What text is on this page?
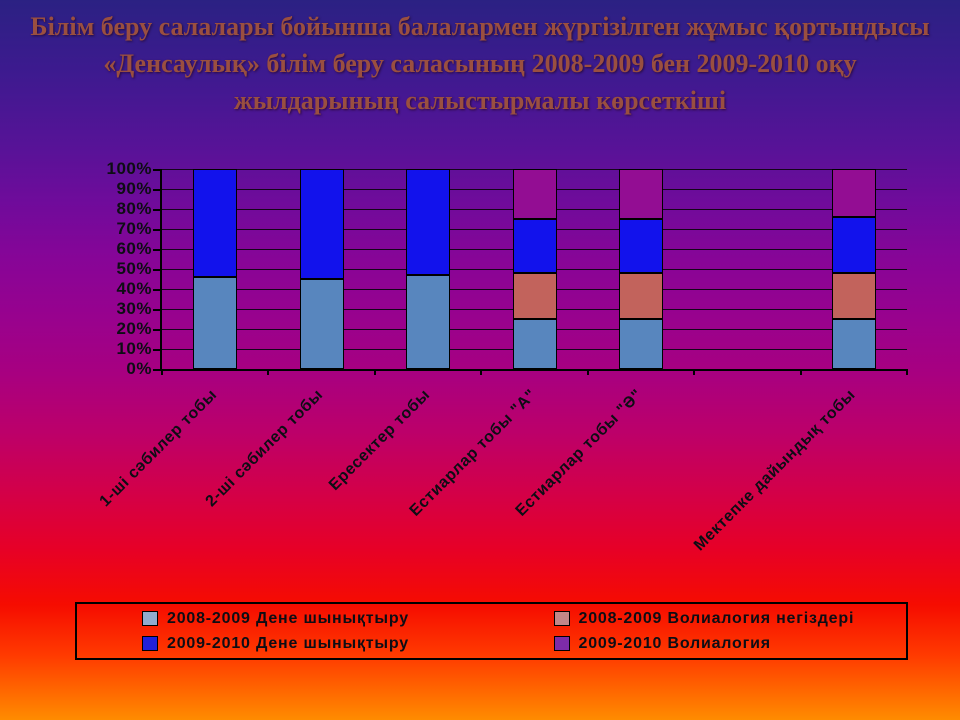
Білім беру салалары бойынша балалармен жүргізілген жұмыс қортындысы
«Денсаулық» білім беру саласының 2008-2009 бен 2009-2010 оқу
жылдарының салыстырмалы көрсеткіші
0%
10%
20%
30%
40%
50%
60%
70%
80%
90%
100%
1-ші сәбилер тобы
2-ші сәбилер тобы
Ересектер тобы
Естиарлар тобы "А"
Естиарлар тобы "Ә"	Мектепке дайындық тобы
2008-2009 Дене шынықтыру	2008-2009 Волиалогия негіздері
2009-2010 Дене шынықтыру	2009-2010 Волиалогия
